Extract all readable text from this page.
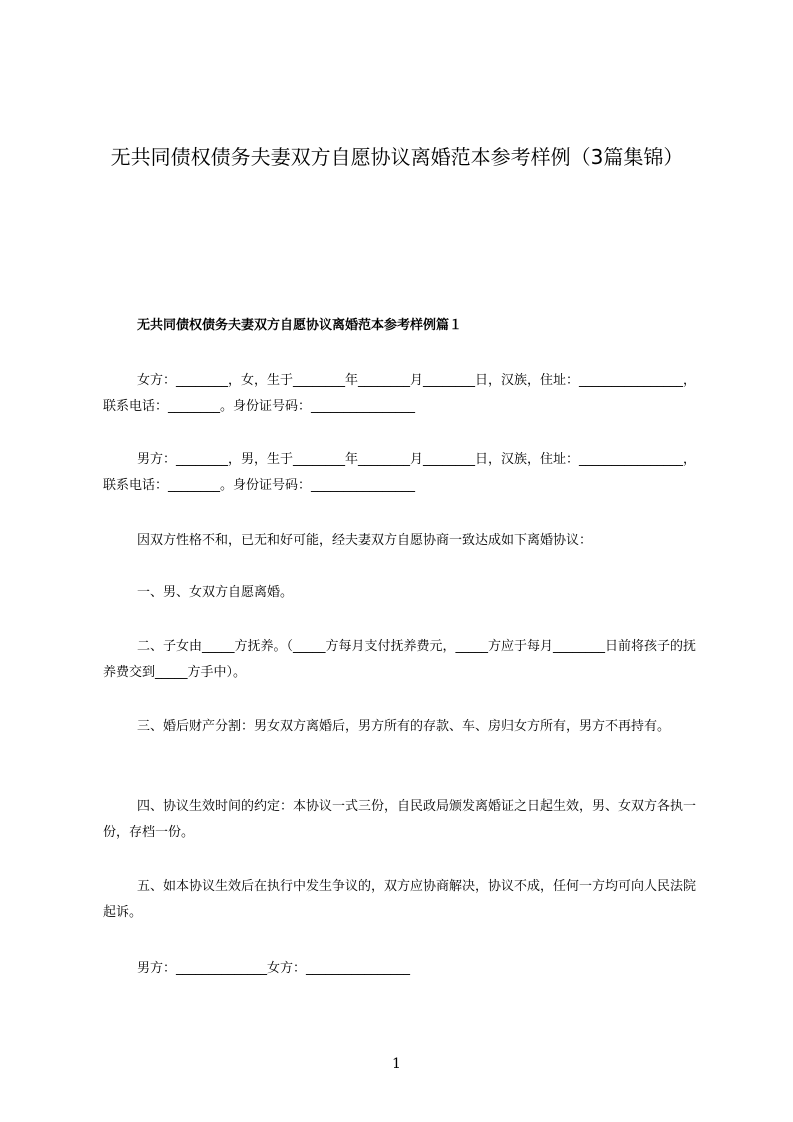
无共同债权债务夫妻双方自愿协议离婚范本参考样例（3篇集锦）
无共同债权债务夫妻双方自愿协议离婚范本参考样例篇１

女方：________，女，生于________年________月________日，汉族，住址：________________，联系电话：________。身份证号码：________________

男方：________，男，生于________年________月________日，汉族，住址：________________，联系电话：________。身份证号码：________________

因双方性格不和，已无和好可能，经夫妻双方自愿协商一致达成如下离婚协议：

一、男、女双方自愿离婚。

二、子女由_____方抚养。（_____方每月支付抚养费元，_____方应于每月________日前将孩子的抚养费交到_____方手中）。

三、婚后财产分割：男女双方离婚后，男方所有的存款、车、房归女方所有，男方不再持有。

四、协议生效时间的约定：本协议一式三份，自民政局颁发离婚证之日起生效，男、女双方各执一份，存档一份。

五、如本协议生效后在执行中发生争议的，双方应协商解决，协议不成，任何一方均可向人民法院起诉。

男方：______________女方：________________

1
